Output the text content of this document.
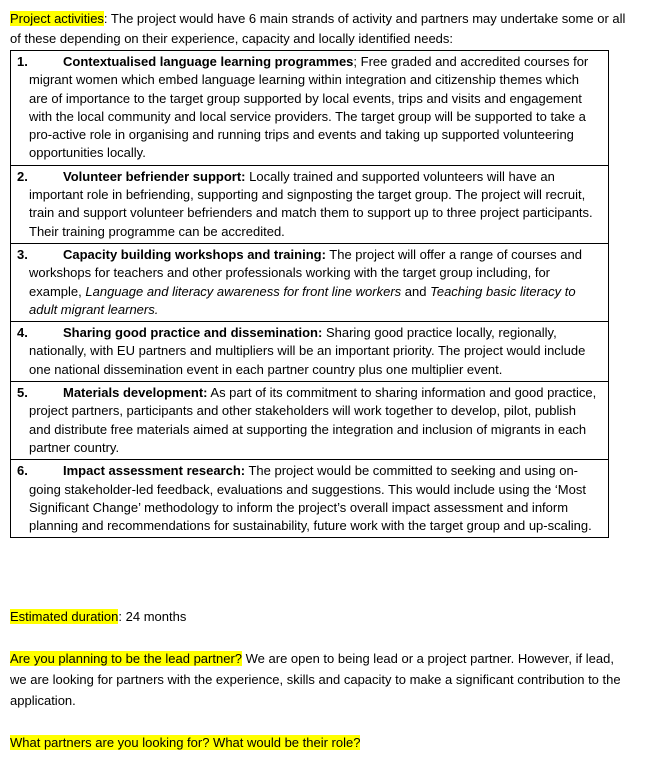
Project activities: The project would have 6 main strands of activity and partners may undertake some or all of these depending on their experience, capacity and locally identified needs:

1.	Contextualised language learning programmes; Free graded and accredited courses for migrant women which embed language learning within integration and citizenship themes which are of importance to the target group supported by local events, trips and visits and engagement with the local community and local service providers. The target group will be supported to take a pro-active role in organising and running trips and events and taking up supported volunteering opportunities locally.

2.	Volunteer befriender support: Locally trained and supported volunteers will have an important role in befriending, supporting and signposting the target group. The project will recruit, train and support volunteer befrienders and match them to support up to three project participants. Their training programme can be accredited.

3.	Capacity building workshops and training: The project will offer a range of courses and workshops for teachers and other professionals working with the target group including, for example, Language and literacy awareness for front line workers and Teaching basic literacy to adult migrant learners.

4.	Sharing good practice and dissemination: Sharing good practice locally, regionally, nationally, with EU partners and multipliers will be an important priority. The project would include one national dissemination event in each partner country plus one multiplier event.

5.	Materials development: As part of its commitment to sharing information and good practice, project partners, participants and other stakeholders will work together to develop, pilot, publish and distribute free materials aimed at supporting the integration and inclusion of migrants in each partner country.

6.	Impact assessment research: The project would be committed to seeking and using on-going stakeholder-led feedback, evaluations and suggestions. This would include using the ‘Most Significant Change’ methodology to inform the project’s overall impact assessment and inform planning and recommendations for sustainability, future work with the target group and up-scaling.

Estimated duration: 24 months

Are you planning to be the lead partner? We are open to being lead or a project partner. However, if lead, we are looking for partners with the experience, skills and capacity to make a significant contribution to the application.

What partners are you looking for? What would be their role?
